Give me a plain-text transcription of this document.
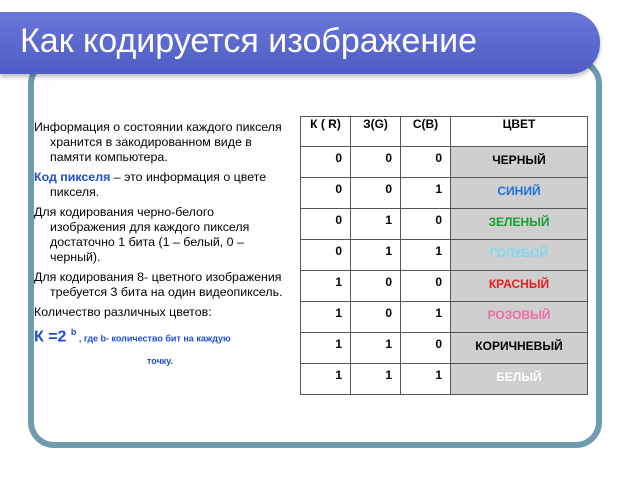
Как кодируется изображение

Информация о состоянии каждого пикселя хранится в закодированном виде в памяти компьютера.

Код пикселя – это информация о цвете пикселя.

Для кодирования черно-белого изображения для каждого пикселя достаточно 1 бита (1 – белый, 0 – черный).

Для кодирования 8- цветного изображения требуется 3 бита на один видеопиксель.

Количество различных цветов:

К =2 $^b$ , где b- количество бит на каждую
точку.
К ( R)	З(G)	С(B)	ЦВЕТ
0	0	0	ЧЕРНЫЙ
0	0	1	СИНИЙ
0	1	0	ЗЕЛЕНЫЙ
0	1	1	ГОЛУБОЙ
1	0	0	КРАСНЫЙ
1	0	1	РОЗОВЫЙ
1	1	0	КОРИЧНЕВЫЙ
1	1	1	БЕЛЫЙ
